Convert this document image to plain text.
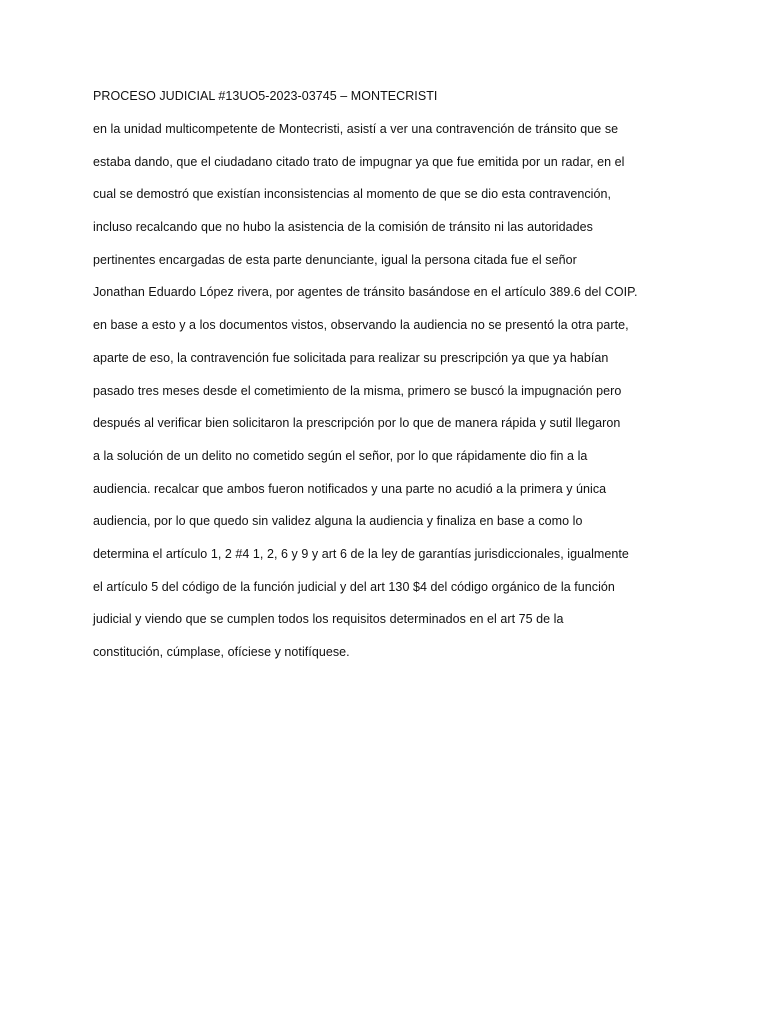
PROCESO JUDICIAL #13UO5-2023-03745 – MONTECRISTI
en la unidad multicompetente de Montecristi, asistí a ver una contravención de tránsito que se
estaba dando, que el ciudadano citado trato de impugnar ya que fue emitida por un radar, en el
cual se demostró que existían inconsistencias al momento de que se dio esta contravención,
incluso recalcando que no hubo la asistencia de la comisión de tránsito ni las autoridades
pertinentes encargadas de esta parte denunciante, igual la persona citada fue el señor
Jonathan Eduardo López rivera, por agentes de tránsito basándose en el artículo 389.6 del COIP.
en base a esto y a los documentos vistos, observando la audiencia no se presentó la otra parte,
aparte de eso, la contravención fue solicitada para realizar su prescripción ya que ya habían
pasado tres meses desde el cometimiento de la misma, primero se buscó la impugnación pero
después al verificar bien solicitaron la prescripción por lo que de manera rápida y sutil llegaron
a la solución de un delito no cometido según el señor, por lo que rápidamente dio fin a la
audiencia. recalcar que ambos fueron notificados y una parte no acudió a la primera y única
audiencia, por lo que quedo sin validez alguna la audiencia y finaliza en base a como lo
determina el artículo 1, 2 #4 1, 2, 6 y 9 y art 6 de la ley de garantías jurisdiccionales, igualmente
el artículo 5 del código de la función judicial y del art 130 $4 del código orgánico de la función
judicial y viendo que se cumplen todos los requisitos determinados en el art 75 de la
constitución, cúmplase, ofíciese y notifíquese.
